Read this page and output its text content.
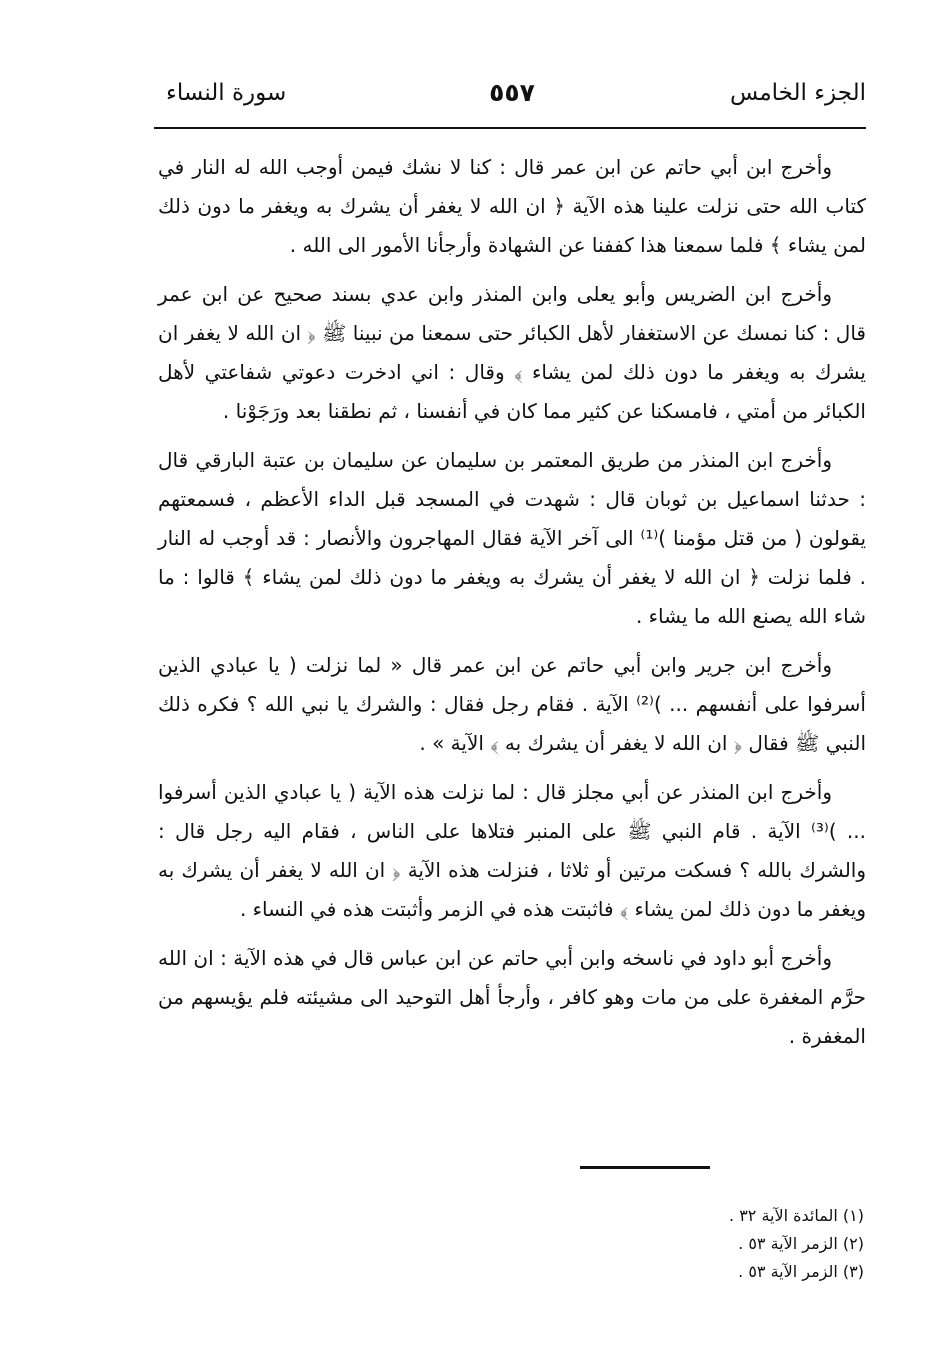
الجزء الخامس
٥٥٧
سورة النساء

وأخرج ابن أبي حاتم عن ابن عمر قال : كنا لا نشك فيمن أوجب الله له النار في كتاب الله حتى نزلت علينا هذه الآية ﴿ ان الله لا يغفر أن يشرك به ويغفر ما دون ذلك لمن يشاء ﴾ فلما سمعنا هذا كففنا عن الشهادة وأرجأنا الأمور الى الله .

وأخرج ابن الضريس وأبو يعلى وابن المنذر وابن عدي بسند صحيح عن ابن عمر قال : كنا نمسك عن الاستغفار لأهل الكبائر حتى سمعنا من نبينا ﷺ ﴿ ان الله لا يغفر ان يشرك به ويغفر ما دون ذلك لمن يشاء ﴾ وقال : اني ادخرت دعوتي شفاعتي لأهل الكبائر من أمتي ، فامسكنا عن كثير مما كان في أنفسنا ، ثم نطقنا بعد ورَجَوْنا .

وأخرج ابن المنذر من طريق المعتمر بن سليمان عن سليمان بن عتبة البارقي قال : حدثنا اسماعيل بن ثوبان قال : شهدت في المسجد قبل الداء الأعظم ، فسمعتهم يقولون ( من قتل مؤمنا )⁽¹⁾ الى آخر الآية فقال المهاجرون والأنصار : قد أوجب له النار . فلما نزلت ﴿ ان الله لا يغفر أن يشرك به ويغفر ما دون ذلك لمن يشاء ﴾ قالوا : ما شاء الله يصنع الله ما يشاء .

وأخرج ابن جرير وابن أبي حاتم عن ابن عمر قال « لما نزلت ( يا عبادي الذين أسرفوا على أنفسهم ... )⁽²⁾ الآية . فقام رجل فقال : والشرك يا نبي الله ؟ فكره ذلك النبي ﷺ فقال ﴿ ان الله لا يغفر أن يشرك به ﴾ الآية » .

وأخرج ابن المنذر عن أبي مجلز قال : لما نزلت هذه الآية ( يا عبادي الذين أسرفوا ... )⁽³⁾ الآية . قام النبي ﷺ على المنبر فتلاها على الناس ، فقام اليه رجل قال : والشرك بالله ؟ فسكت مرتين أو ثلاثا ، فنزلت هذه الآية ﴿ ان الله لا يغفر أن يشرك به ويغفر ما دون ذلك لمن يشاء ﴾ فاثبتت هذه في الزمر وأثبتت هذه في النساء .

وأخرج أبو داود في ناسخه وابن أبي حاتم عن ابن عباس قال في هذه الآية : ان الله حرَّم المغفرة على من مات وهو كافر ، وأرجأ أهل التوحيد الى مشيئته فلم يؤيسهم من المغفرة .

(١) المائدة الآية ٣٢ .
(٢) الزمر الآية ٥٣ .
(٣) الزمر الآية ٥٣ .
